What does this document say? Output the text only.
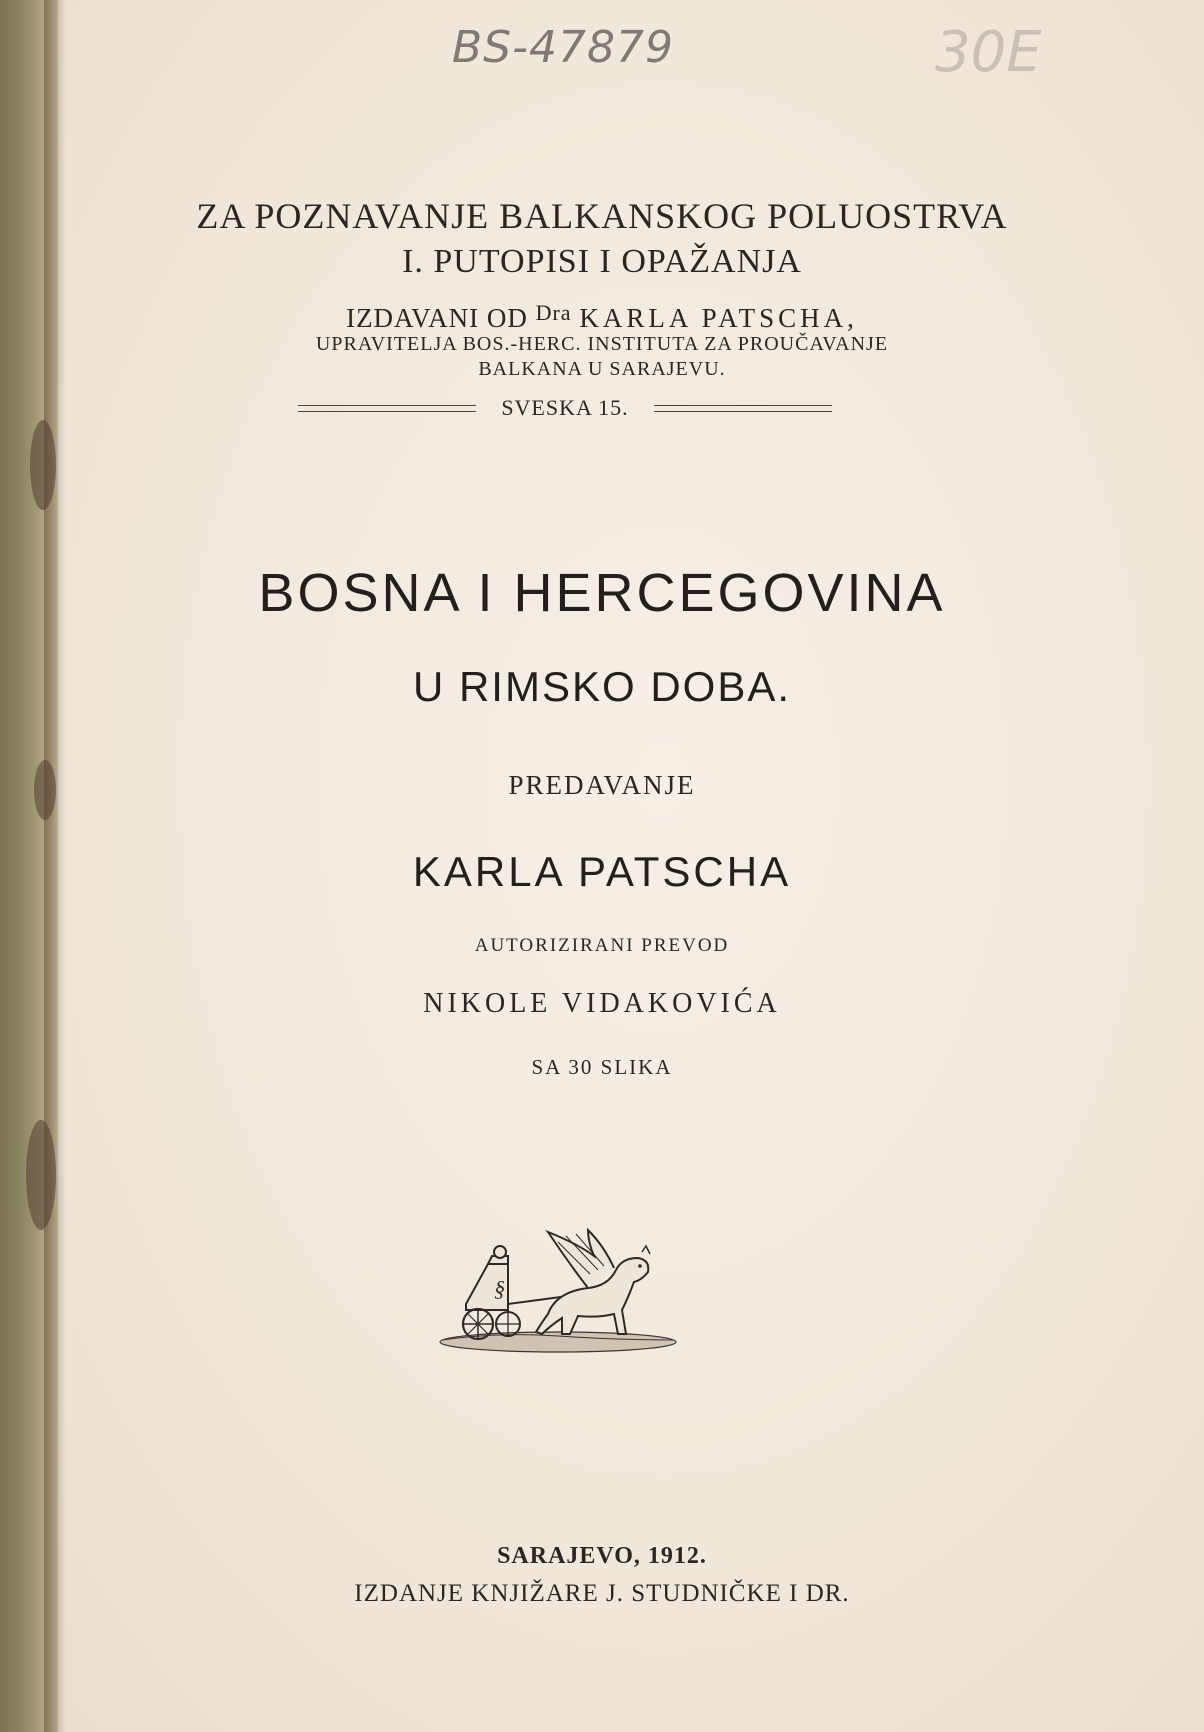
BS-47879	30E
ZA POZNAVANJE BALKANSKOG POLUOSTRVA
I. PUTOPISI I OPAŽANJA
IZDAVANI OD $^{Dra}$ KARLA PATSCHA,
UPRAVITELJA BOS.-HERC. INSTITUTA ZA PROUČAVANJE
BALKANA U SARAJEVU.
SVESKA 15.
BOSNA I HERCEGOVINA
U RIMSKO DOBA.
PREDAVANJE
KARLA PATSCHA
AUTORIZIRANI PREVOD
NIKOLE VIDAKOVIĆA
SA 30 SLIKA
§
SARAJEVO, 1912.
IZDANJE KNJIŽARE J. STUDNIČKE I DR.
